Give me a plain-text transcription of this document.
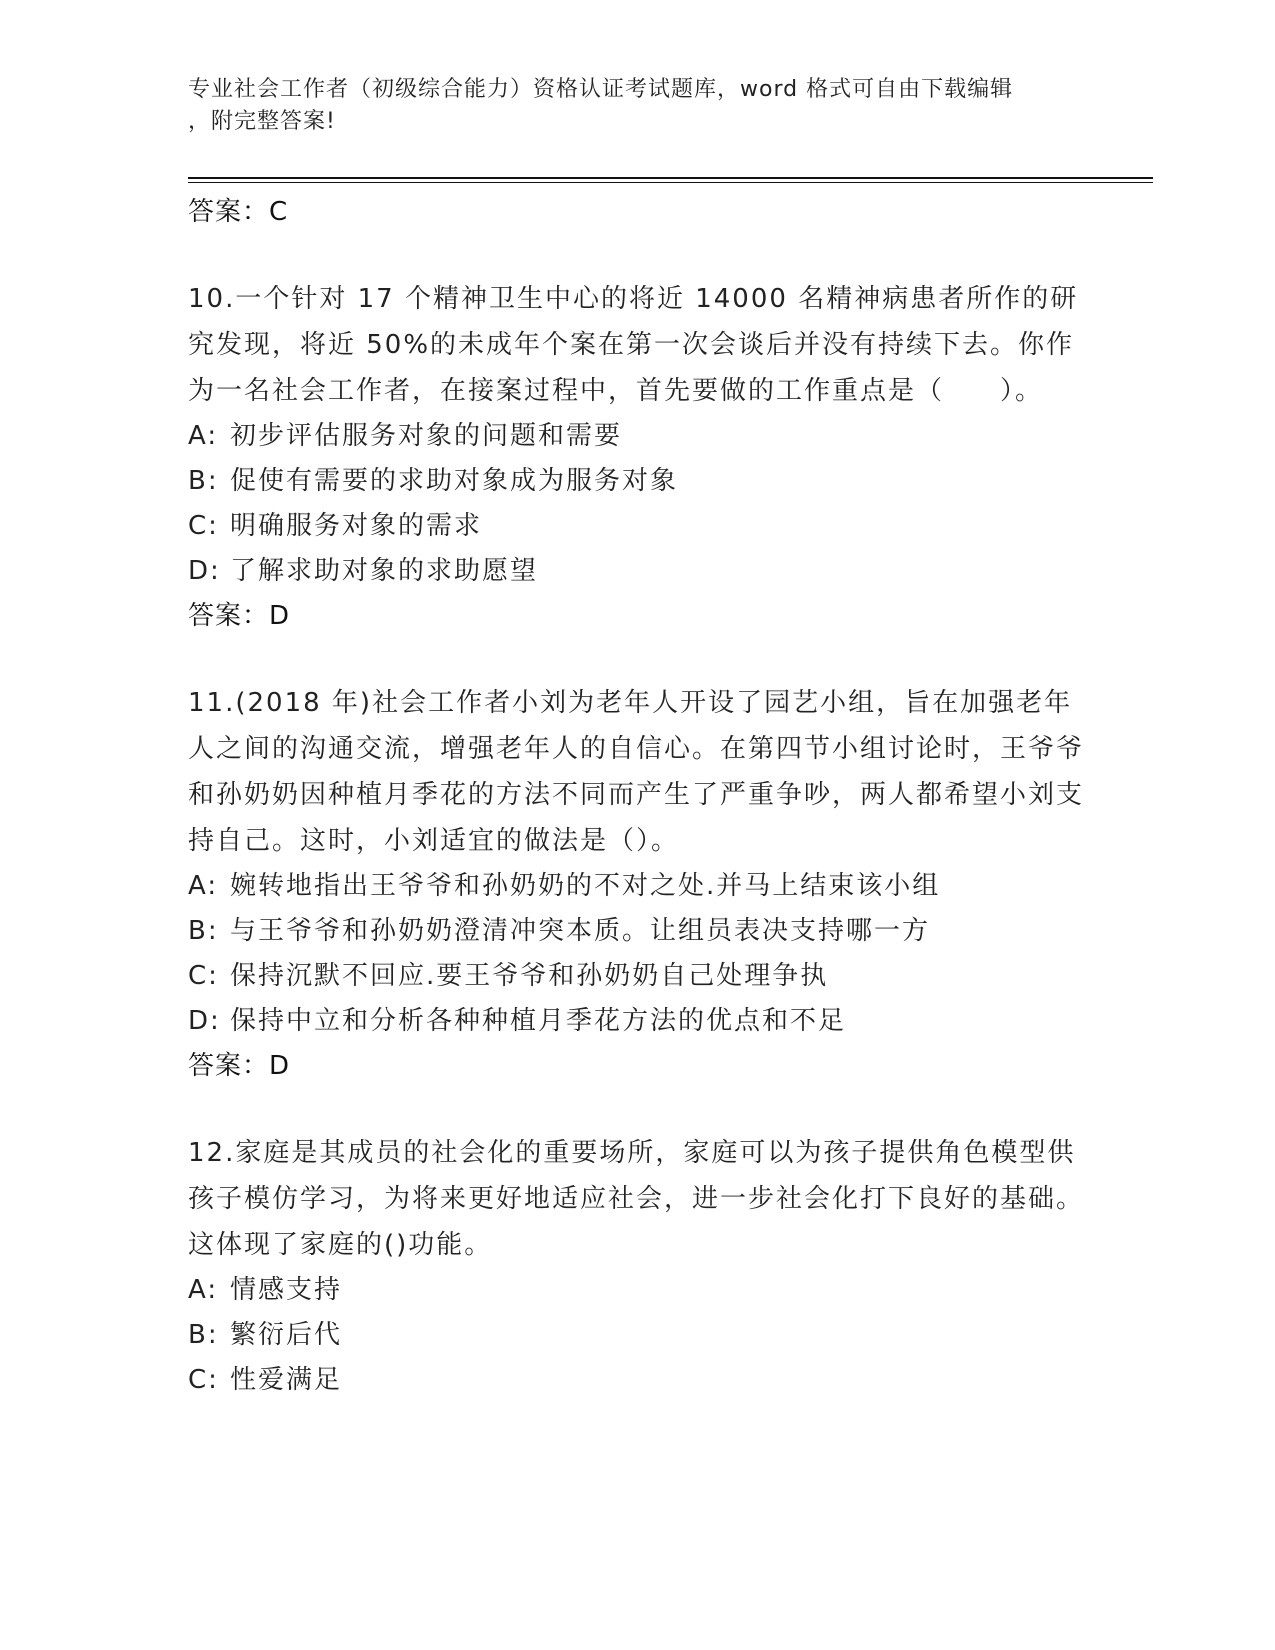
专业社会工作者（初级综合能力）资格认证考试题库，word 格式可自由下载编辑
，附完整答案!
答案：C
10.一个针对 17 个精神卫生中心的将近 14000 名精神病患者所作的研究发现，将近 50%的未成年个案在第一次会谈后并没有持续下去。你作为一名社会工作者，在接案过程中，首先要做的工作重点是（　　）。
A: 初步评估服务对象的问题和需要
B: 促使有需要的求助对象成为服务对象
C: 明确服务对象的需求
D: 了解求助对象的求助愿望
答案：D
11.(2018 年)社会工作者小刘为老年人开设了园艺小组，旨在加强老年人之间的沟通交流，增强老年人的自信心。在第四节小组讨论时，王爷爷和孙奶奶因种植月季花的方法不同而产生了严重争吵，两人都希望小刘支持自己。这时，小刘适宜的做法是（）。
A: 婉转地指出王爷爷和孙奶奶的不对之处.并马上结束该小组
B: 与王爷爷和孙奶奶澄清冲突本质。让组员表决支持哪一方
C: 保持沉默不回应.要王爷爷和孙奶奶自己处理争执
D: 保持中立和分析各种种植月季花方法的优点和不足
答案：D
12.家庭是其成员的社会化的重要场所，家庭可以为孩子提供角色模型供孩子模仿学习，为将来更好地适应社会，进一步社会化打下良好的基础。这体现了家庭的()功能。
A: 情感支持
B: 繁衍后代
C: 性爱满足
